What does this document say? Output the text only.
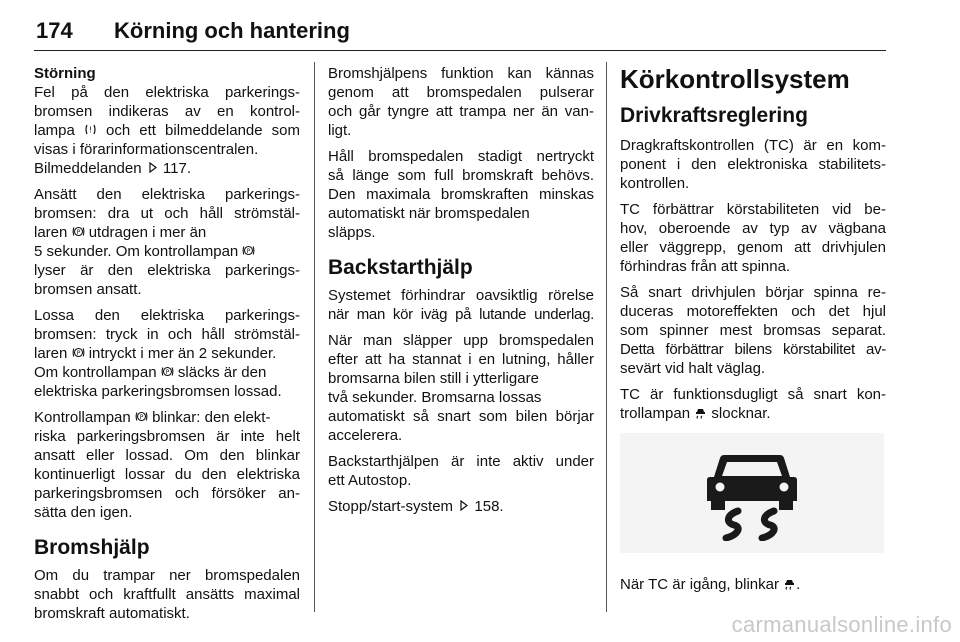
174 Körning och hantering
Störning

Fel på den elektriska parkerings-
bromsen indikeras av en kontrol-
lampa ! och ett bilmeddelande som
visas i förarinformationscentralen.
Bilmeddelanden 117.

Ansätt den elektriska parkerings-
bromsen: dra ut och håll strömstäl-
laren P utdragen i mer än
5 sekunder. Om kontrollampan P
lyser är den elektriska parkerings-
bromsen ansatt.

Lossa den elektriska parkerings-
bromsen: tryck in och håll strömstäl-
laren P intryckt i mer än 2 sekunder.
Om kontrollampan P släcks är den
elektriska parkeringsbromsen lossad.

Kontrollampan P blinkar: den elekt-
riska parkeringsbromsen är inte helt
ansatt eller lossad. Om den blinkar
kontinuerligt lossar du den elektriska
parkeringsbromsen och försöker an-
sätta den igen.

Bromshjälp

Om du trampar ner bromspedalen
snabbt och kraftfullt ansätts maximal
bromskraft automatiskt.

Bromshjälpens funktion kan kännas
genom att bromspedalen pulserar
och går tyngre att trampa ner än van-
ligt.

Håll bromspedalen stadigt nertryckt
så länge som full bromskraft behövs.
Den maximala bromskraften minskas
automatiskt när bromspedalen
släpps.

Backstarthjälp

Systemet förhindrar oavsiktlig rörelse
när man kör iväg på lutande underlag.

När man släpper upp bromspedalen
efter att ha stannat i en lutning, håller
bromsarna bilen still i ytterligare
två sekunder. Bromsarna lossas
automatiskt så snart som bilen börjar
accelerera.

Backstarthjälpen är inte aktiv under
ett Autostop.

Stopp/start-system 158.

Körkontrollsystem
Drivkraftsreglering

Dragkraftskontrollen (TC) är en kom-
ponent i den elektroniska stabilitets-
kontrollen.

TC förbättrar körstabiliteten vid be-
hov, oberoende av typ av vägbana
eller väggrepp, genom att drivhjulen
förhindras från att spinna.

Så snart drivhjulen börjar spinna re-
duceras motoreffekten och det hjul
som spinner mest bromsas separat.
Detta förbättrar bilens körstabilitet av-
sevärt vid halt väglag.

TC är funktionsdugligt så snart kon-
trollampan slocknar.

När TC är igång, blinkar .

carmanualsonline.info
